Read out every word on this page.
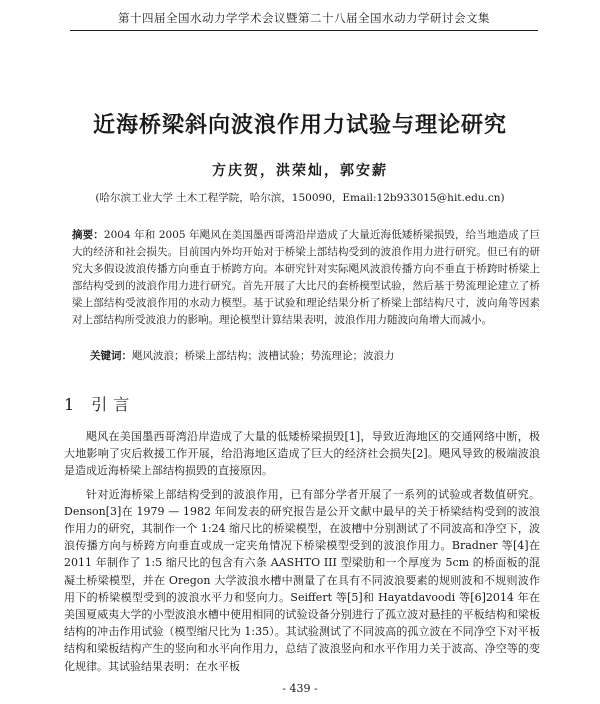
第十四届全国水动力学学术会议暨第二十八届全国水动力学研讨会文集
近海桥梁斜向波浪作用力试验与理论研究
方庆贺，洪荣灿，郭安薪
(哈尔滨工业大学 土木工程学院，哈尔滨，150090，Email:12b933015@hit.edu.cn)
摘要：2004 年和 2005 年飓风在美国墨西哥湾沿岸造成了大量近海低矮桥梁损毁，给当地造成了巨大的经济和社会损失。目前国内外均开始对于桥梁上部结构受到的波浪作用力进行研究。但已有的研究大多假设波浪传播方向垂直于桥跨方向。本研究针对实际飓风波浪传播方向不垂直于桥跨时桥梁上部结构受到的波浪作用力进行研究。首先开展了大比尺的套桥模型试验，然后基于势流理论建立了桥梁上部结构受波浪作用的水动力模型。基于试验和理论结果分析了桥梁上部结构尺寸，波向角等因素对上部结构所受波浪力的影响。理论模型计算结果表明，波浪作用力随波向角增大而减小。
关键词：飓风波浪；桥梁上部结构；波槽试验；势流理论；波浪力
1 引言

飓风在美国墨西哥湾沿岸造成了大量的低矮桥梁损毁[1]，导致近海地区的交通网络中断，极大地影响了灾后救援工作开展，给沿海地区造成了巨大的经济社会损失[2]。飓风导致的极端波浪是造成近海桥梁上部结构损毁的直接原因。

针对近海桥梁上部结构受到的波浪作用，已有部分学者开展了一系列的试验或者数值研究。Denson[3]在 1979 — 1982 年间发表的研究报告是公开文献中最早的关于桥梁结构受到的波浪作用力的研究，其制作一个 1:24 缩尺比的桥梁模型，在波槽中分别测试了不同波高和净空下，波浪传播方向与桥跨方向垂直或成一定夹角情况下桥梁模型受到的波浪作用力。Bradner 等[4]在 2011 年制作了 1:5 缩尺比的包含有六条 AASHTO III 型梁肋和一个厚度为 5cm 的桥面板的混凝土桥梁模型，并在 Oregon 大学波浪水槽中测量了在具有不同波浪要素的规则波和不规则波作用下的桥梁模型受到的波浪水平力和竖向力。Seiffert 等[5]和 Hayatdavoodi 等[6]2014 年在美国夏威夷大学的小型波浪水槽中使用相同的试验设备分别进行了孤立波对悬挂的平板结构和梁板结构的冲击作用试验（模型缩尺比为 1:35）。其试验测试了不同波高的孤立波在不同净空下对平板结构和梁板结构产生的竖向和水平向作用力，总结了波浪竖向和水平作用力关于波高、净空等的变化规律。其试验结果表明：在水平板

- 439 -
